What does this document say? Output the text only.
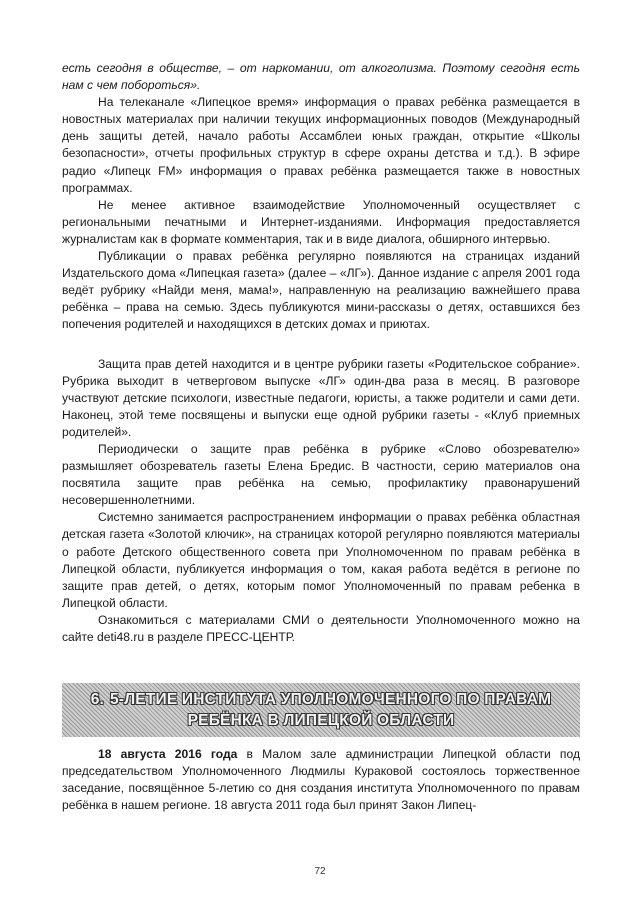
есть сегодня в обществе, – от наркомании, от алкоголизма. Поэтому сегодня есть нам с чем побороться».

На телеканале «Липецкое время» информация о правах ребёнка размещается в новостных материалах при наличии текущих информационных поводов (Международный день защиты детей, начало работы Ассамблеи юных граждан, открытие «Школы безопасности», отчеты профильных структур в сфере охраны детства и т.д.). В эфире радио «Липецк FM» информация о правах ребёнка размещается также в новостных программах.

Не менее активное взаимодействие Уполномоченный осуществляет с региональными печатными и Интернет-изданиями. Информация предоставляется журналистам как в формате комментария, так и в виде диалога, обширного интервью.

Публикации о правах ребёнка регулярно появляются на страницах изданий Издательского дома «Липецкая газета» (далее – «ЛГ»). Данное издание с апреля 2001 года ведёт рубрику «Найди меня, мама!», направленную на реализацию важнейшего права ребёнка – права на семью. Здесь публикуются мини-рассказы о детях, оставшихся без попечения родителей и находящихся в детских домах и приютах.

Защита прав детей находится и в центре рубрики газеты «Родительское собрание». Рубрика выходит в четверговом выпуске «ЛГ» один-два раза в месяц. В разговоре участвуют детские психологи, известные педагоги, юристы, а также родители и сами дети. Наконец, этой теме посвящены и выпуски еще одной рубрики газеты - «Клуб приемных родителей».

Периодически о защите прав ребёнка в рубрике «Слово обозревателю» размышляет обозреватель газеты Елена Бредис. В частности, серию материалов она посвятила защите прав ребёнка на семью, профилактику правонарушений несовершеннолетними.

Системно занимается распространением информации о правах ребёнка областная детская газета «Золотой ключик», на страницах которой регулярно появляются материалы о работе Детского общественного совета при Уполномоченном по правам ребёнка в Липецкой области, публикуется информация о том, какая работа ведётся в регионе по защите прав детей, о детях, которым помог Уполномоченный по правам ребенка в Липецкой области.

Ознакомиться с материалами СМИ о деятельности Уполномоченного можно на сайте deti48.ru в разделе ПРЕСС-ЦЕНТР.

6. 5-ЛЕТИЕ ИНСТИТУТА УПОЛНОМОЧЕННОГО ПО ПРАВАМ
РЕБЁНКА В ЛИПЕЦКОЙ ОБЛАСТИ

18 августа 2016 года в Малом зале администрации Липецкой области под председательством Уполномоченного Людмилы Кураковой состоялось торжественное заседание, посвящённое 5-летию со дня создания института Уполномоченного по правам ребёнка в нашем регионе. 18 августа 2011 года был принят Закон Липец-

72
